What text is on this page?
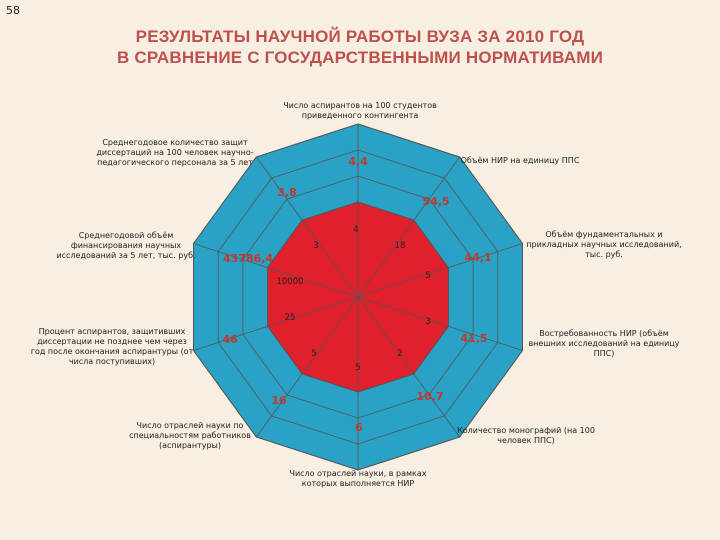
58
РЕЗУЛЬТАТЫ НАУЧНОЙ РАБОТЫ ВУЗА ЗА 2010 ГОД
В СРАВНЕНИЕ С ГОСУДАРСТВЕННЫМИ НОРМАТИВАМИ
Число аспирантов на 100 студентов приведенного контингента
4,4
4
Объём НИР на единицу ППС
54,5
18
Объём фундаментальных и прикладных научных исследований, тыс. руб.
44,1
5
Востребованность НИР (объём внешних исследований на единицу ППС)
41,5
3
Количество монографий (на 100 человек ППС)
10,7
2
Число отраслей науки, в рамках которых выполняется НИР
6
5
Число отраслей науки по специальностям работников (аспирантуры)
16
5
Процент аспирантов, защитивших диссертации не позднее чем через год после окончания аспирантуры (от числа поступивших)
46
25
Среднегодовой объём финансирования научных исследований за 5 лет, тыс. руб. 43786,4
10000
Среднегодовое количество защит диссертаций на 100 человек научно-педагогического персонала за 5 лет
3,8
3
